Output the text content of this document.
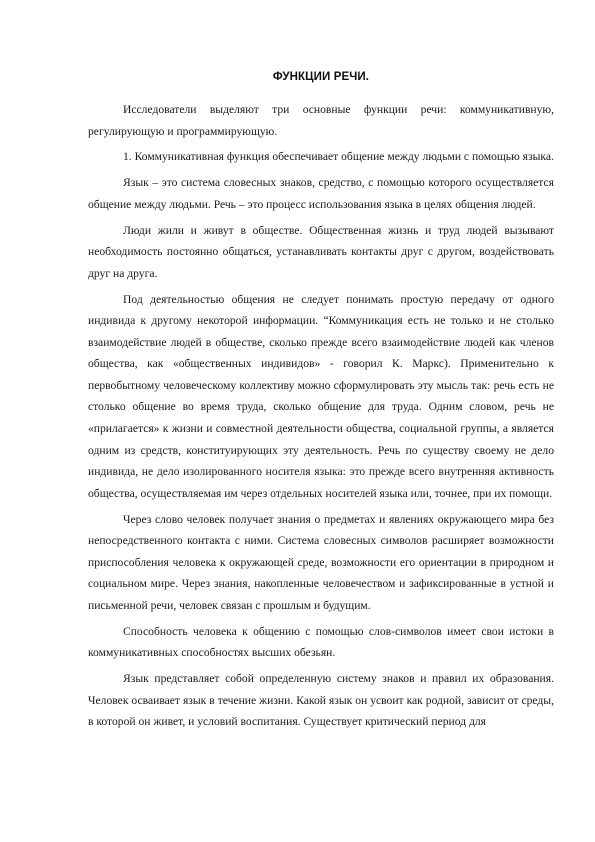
ФУНКЦИИ РЕЧИ.

Исследователи выделяют три основные функции речи: коммуникативную, регулирующую и программирующую.

1. Коммуникативная функция обеспечивает общение между людьми с помощью языка.

Язык – это система словесных знаков, средство, с помощью которого осуществляется общение между людьми. Речь – это процесс использования языка в целях общения людей.

Люди жили и живут в обществе. Общественная жизнь и труд людей вызывают необходимость постоянно общаться, устанавливать контакты друг с другом, воздействовать друг на друга.

Под деятельностью общения не следует понимать простую передачу от одного индивида к другому некоторой информации. “Коммуникация есть не только и не столько взаимодействие людей в обществе, сколько прежде всего взаимодействие людей как членов общества, как «общественных индивидов» - говорил К. Маркс). Применительно к первобытному человеческому коллективу можно сформулировать эту мысль так: речь есть не столько общение во время труда, сколько общение для труда. Одним словом, речь не «прилагается» к жизни и совместной деятельности общества, социальной группы, а является одним из средств, конституирующих эту деятельность. Речь по существу своему не дело индивида, не дело изолированного носителя языка: это прежде всего внутренняя активность общества, осуществляемая им через отдельных носителей языка или, точнее, при их помощи.

Через слово человек получает знания о предметах и явлениях окружающего мира без непосредственного контакта с ними. Система словесных символов расширяет возможности приспособления человека к окружающей среде, возможности его ориентации в природном и социальном мире. Через знания, накопленные человечеством и зафиксированные в устной и письменной речи, человек связан с прошлым и будущим.

Способность человека к общению с помощью слов-символов имеет свои истоки в коммуникативных способностях высших обезьян.

Язык представляет собой определенную систему знаков и правил их образования. Человек осваивает язык в течение жизни. Какой язык он усвоит как родной, зависит от среды, в которой он живет, и условий воспитания. Существует критический период для
